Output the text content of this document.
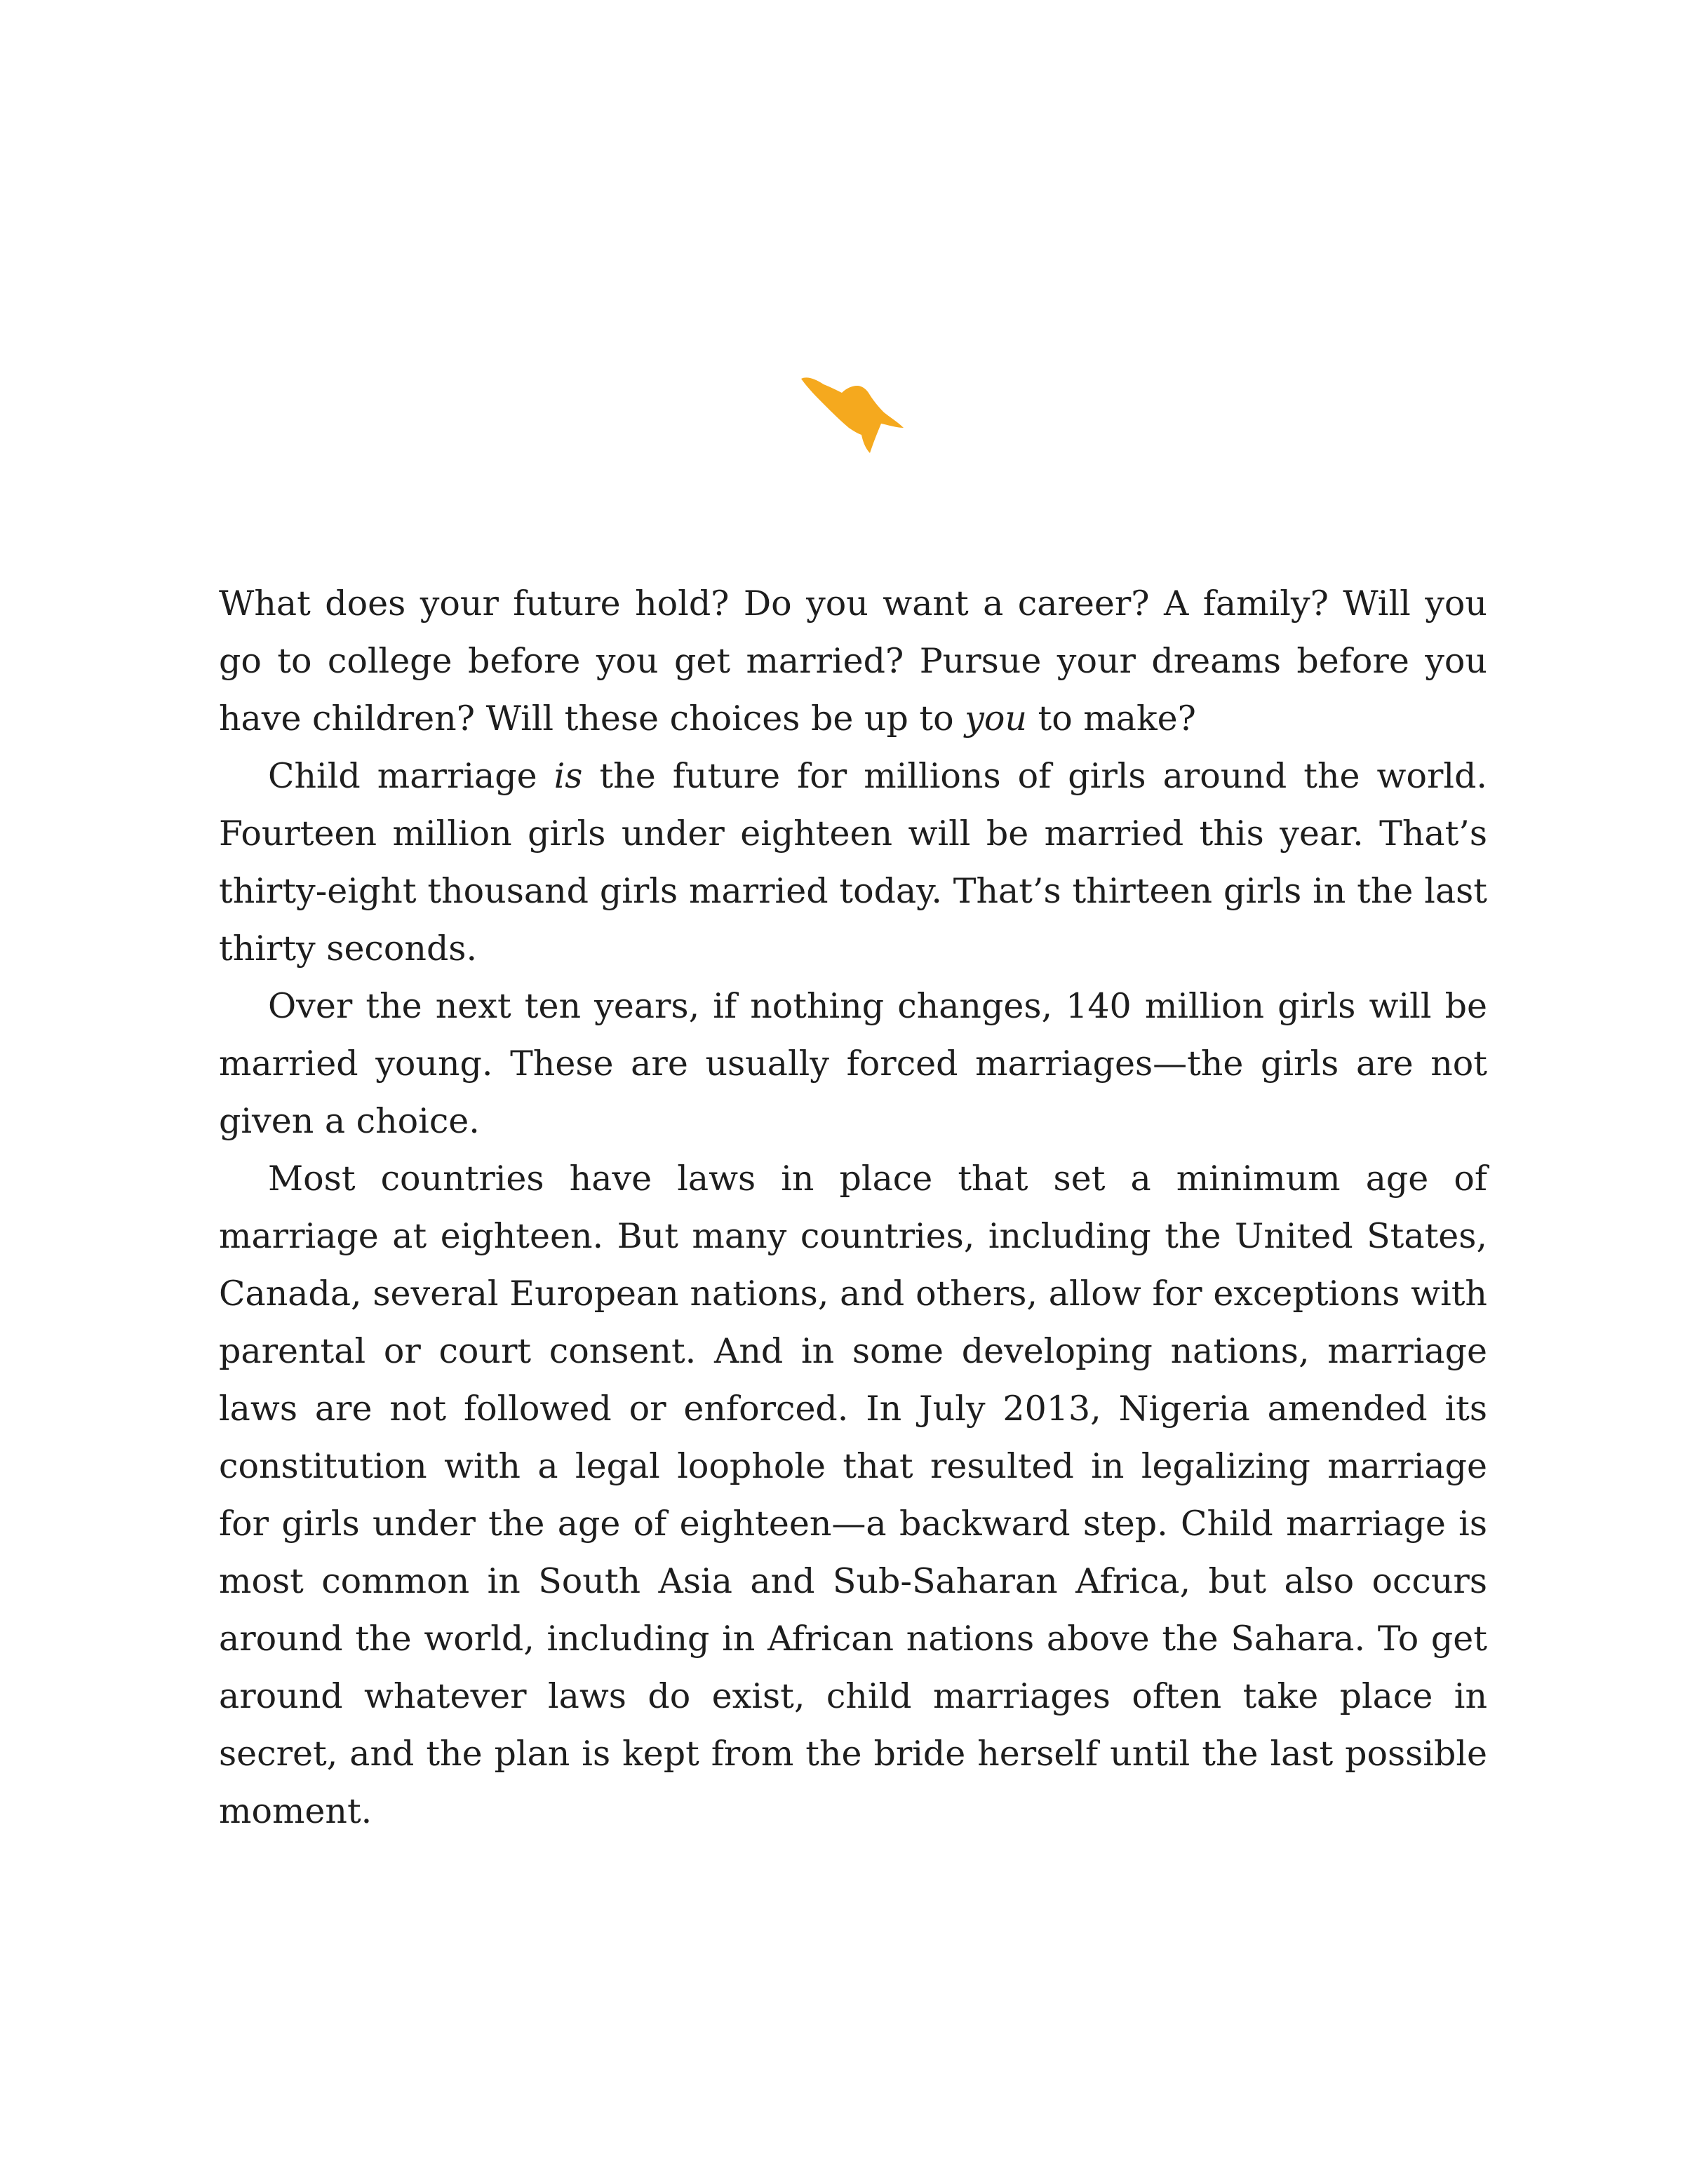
What does your future hold? Do you want a career? A family? Will you go to college before you get married? Pursue your dreams before you have children? Will these choices be up to you to make?

Child marriage is the future for millions of girls around the world. Fourteen million girls under eighteen will be married this year. That’s thirty-eight thousand girls married today. That’s thirteen girls in the last thirty seconds.

Over the next ten years, if nothing changes, 140 million girls will be married young. These are usually forced marriages—the girls are not given a choice.

Most countries have laws in place that set a minimum age of marriage at eighteen. But many countries, including the United States, Canada, several European nations, and others, allow for exceptions with parental or court consent. And in some developing nations, marriage laws are not followed or enforced. In July 2013, Nigeria amended its constitution with a legal loophole that resulted in legalizing marriage for girls under the age of eighteen—a backward step. Child marriage is most common in South Asia and Sub-Saharan Africa, but also occurs around the world, including in African nations above the Sahara. To get around whatever laws do exist, child marriages often take place in secret, and the plan is kept from the bride herself until the last possible moment.
